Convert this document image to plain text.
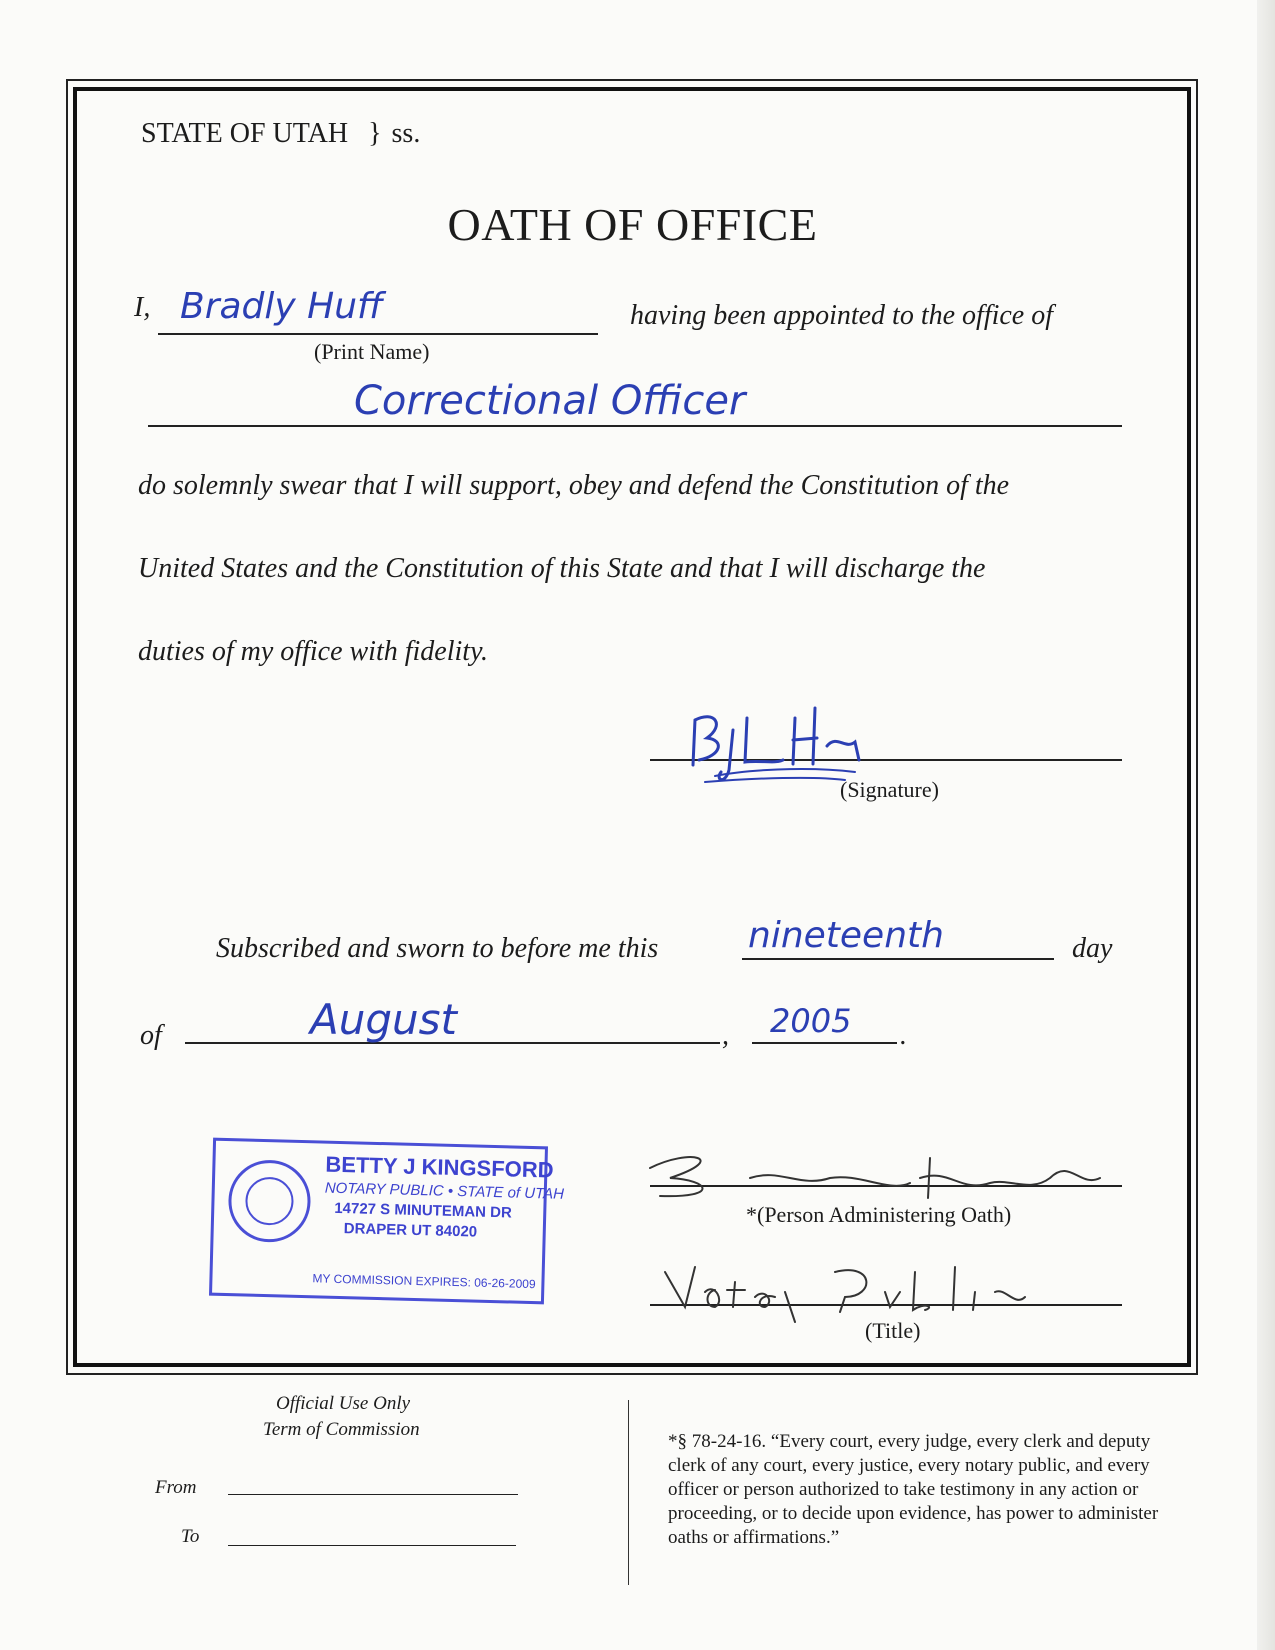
STATE OF UTAH } ss.
OATH OF OFFICE
I, Bradly Huff
(Print Name)
having been appointed to the office of
Correctional Officer
do solemnly swear that I will support, obey and defend the Constitution of the
United States and the Constitution of this State and that I will discharge the
duties of my office with fidelity.
(Signature)
Subscribed and sworn to before me this nineteenth	day
of	August	, 2005 .
BETTY J KINGSFORD
NOTARY PUBLIC • STATE of UTAH
14727 S MINUTEMAN DR
DRAPER UT 84020
MY COMMISSION EXPIRES: 06-26-2009
*(Person Administering Oath)
(Title)
Official Use Only
Term of Commission
From
To
*§ 78-24-16. “Every court, every judge, every clerk and deputy clerk of any court, every justice, every notary public, and every officer or person authorized to take testimony in any action or proceeding, or to decide upon evidence, has power to administer oaths or affirmations.”
